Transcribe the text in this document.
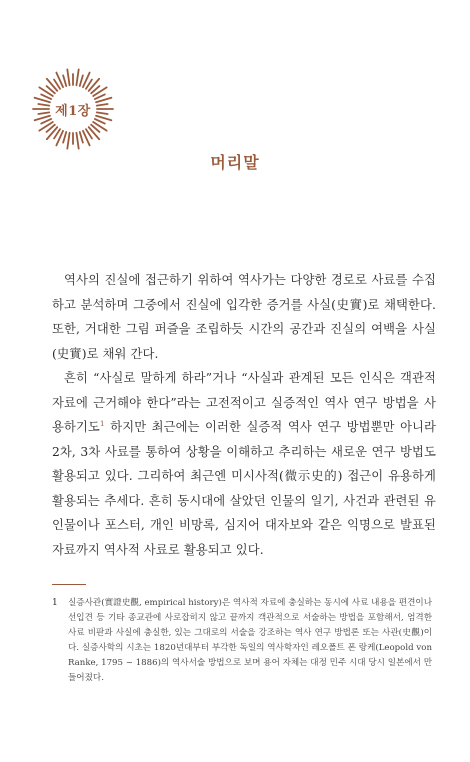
제1장
머리말

역사의 진실에 접근하기 위하여 역사가는 다양한 경로로 사료를 수집하고 분석하며 그중에서 진실에 입각한 증거를 사실(史實)로 채택한다. 또한, 거대한 그림 퍼즐을 조립하듯 시간의 공간과 진실의 여백을 사실(史實)로 채워 간다.

흔히 “사실로 말하게 하라”거나 “사실과 관계된 모든 인식은 객관적 자료에 근거해야 한다”라는 고전적이고 실증적인 역사 연구 방법을 사용하기도$^1$ 하지만 최근에는 이러한 실증적 역사 연구 방법뿐만 아니라 2차, 3차 사료를 통하여 상황을 이해하고 추리하는 새로운 연구 방법도 활용되고 있다. 그리하여 최근엔 미시사적(微示史的) 접근이 유용하게 활용되는 추세다. 흔히 동시대에 살았던 인물의 일기, 사건과 관련된 유인물이나 포스터, 개인 비망록, 심지어 대자보와 같은 익명으로 발표된 자료까지 역사적 사료로 활용되고 있다.

1	실증사관(實證史觀, empirical history)은 역사적 자료에 충실하는 동시에 사료 내용을 편견이나 선입견 등 기타 종교관에 사로잡히지 않고 끝까지 객관적으로 서술하는 방법을 포함해서, 엄격한 사료 비판과 사실에 충실한, 있는 그대로의 서술을 강조하는 역사 연구 방법론 또는 사관(史觀)이다. 실증사학의 시초는 1820년대부터 부각한 독일의 역사학자인 레오폴트 폰 랑케(Leopold von Ranke, 1795 ~ 1886)의 역사서술 방법으로 보며 용어 자체는 대정 민주 시대 당시 일본에서 만들어졌다.
